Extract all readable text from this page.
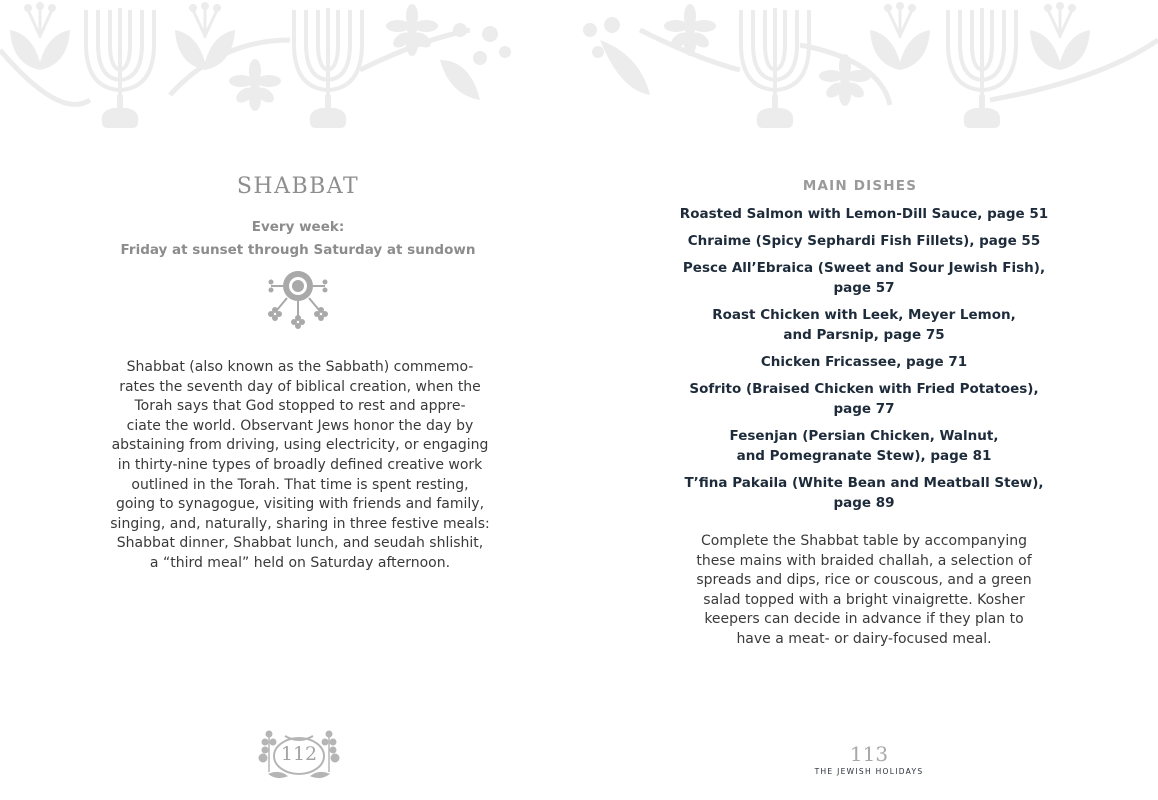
SHABBAT
Every week:
Friday at sunset through Saturday at sundown
Shabbat (also known as the Sabbath) commemo-
rates the seventh day of biblical creation, when the
Torah says that God stopped to rest and appre-
ciate the world. Observant Jews honor the day by
abstaining from driving, using electricity, or engaging
in thirty-nine types of broadly defined creative work
outlined in the Torah. That time is spent resting,
going to synagogue, visiting with friends and family,
singing, and, naturally, sharing in three festive meals:
Shabbat dinner, Shabbat lunch, and seudah shlishit,
a “third meal” held on Saturday afternoon.
112
MAIN DISHES
Roasted Salmon with Lemon-Dill Sauce, page 51
Chraime (Spicy Sephardi Fish Fillets), page 55
Pesce All’Ebraica (Sweet and Sour Jewish Fish),
page 57
Roast Chicken with Leek, Meyer Lemon,
and Parsnip, page 75
Chicken Fricassee, page 71
Sofrito (Braised Chicken with Fried Potatoes),
page 77
Fesenjan (Persian Chicken, Walnut,
and Pomegranate Stew), page 81
T’fina Pakaila (White Bean and Meatball Stew),
page 89
Complete the Shabbat table by accompanying
these mains with braided challah, a selection of
spreads and dips, rice or couscous, and a green
salad topped with a bright vinaigrette. Kosher
keepers can decide in advance if they plan to
have a meat- or dairy-focused meal.
113
THE JEWISH HOLIDAYS
